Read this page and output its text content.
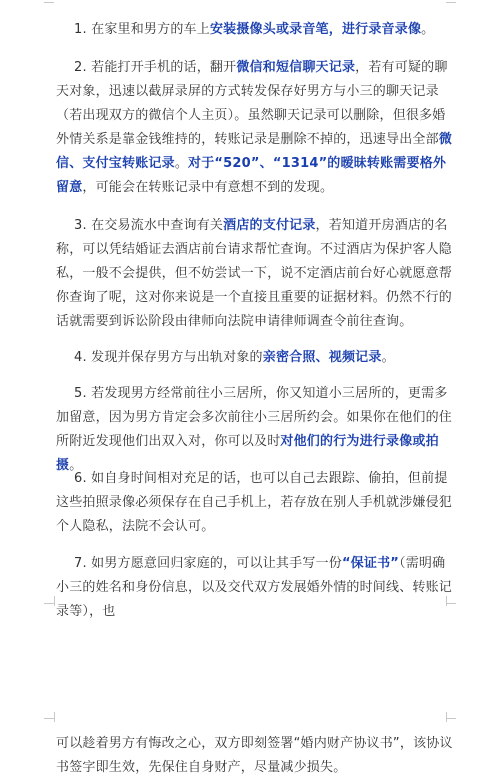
1. 在家里和男方的车上安装摄像头或录音笔，进行录音录像。

2. 若能打开手机的话，翻开微信和短信聊天记录，若有可疑的聊天对象，迅速以截屏录屏的方式转发保存好男方与小三的聊天记录（若出现双方的微信个人主页）。虽然聊天记录可以删除，但很多婚外情关系是靠金钱维持的，转账记录是删除不掉的，迅速导出全部微信、支付宝转账记录。对于“520”、“1314”的暧昧转账需要格外留意，可能会在转账记录中有意想不到的发现。

3. 在交易流水中查询有关酒店的支付记录，若知道开房酒店的名称，可以凭结婚证去酒店前台请求帮忙查询。不过酒店为保护客人隐私，一般不会提供，但不妨尝试一下，说不定酒店前台好心就愿意帮你查询了呢，这对你来说是一个直接且重要的证据材料。仍然不行的话就需要到诉讼阶段由律师向法院申请律师调查令前往查询。

4. 发现并保存男方与出轨对象的亲密合照、视频记录。

5. 若发现男方经常前往小三居所，你又知道小三居所的，更需多加留意，因为男方肯定会多次前往小三居所约会。如果你在他们的住所附近发现他们出双入对，你可以及时对他们的行为进行录像或拍摄。

6. 如自身时间相对充足的话，也可以自己去跟踪、偷拍，但前提这些拍照录像必须保存在自己手机上，若存放在别人手机就涉嫌侵犯个人隐私，法院不会认可。

7. 如男方愿意回归家庭的，可以让其手写一份“保证书”（需明确小三的姓名和身份信息，以及交代双方发展婚外情的时间线、转账记录等），也

可以趁着男方有悔改之心，双方即刻签署“婚内财产协议书”，该协议书签字即生效，先保住自身财产，尽量减少损失。
